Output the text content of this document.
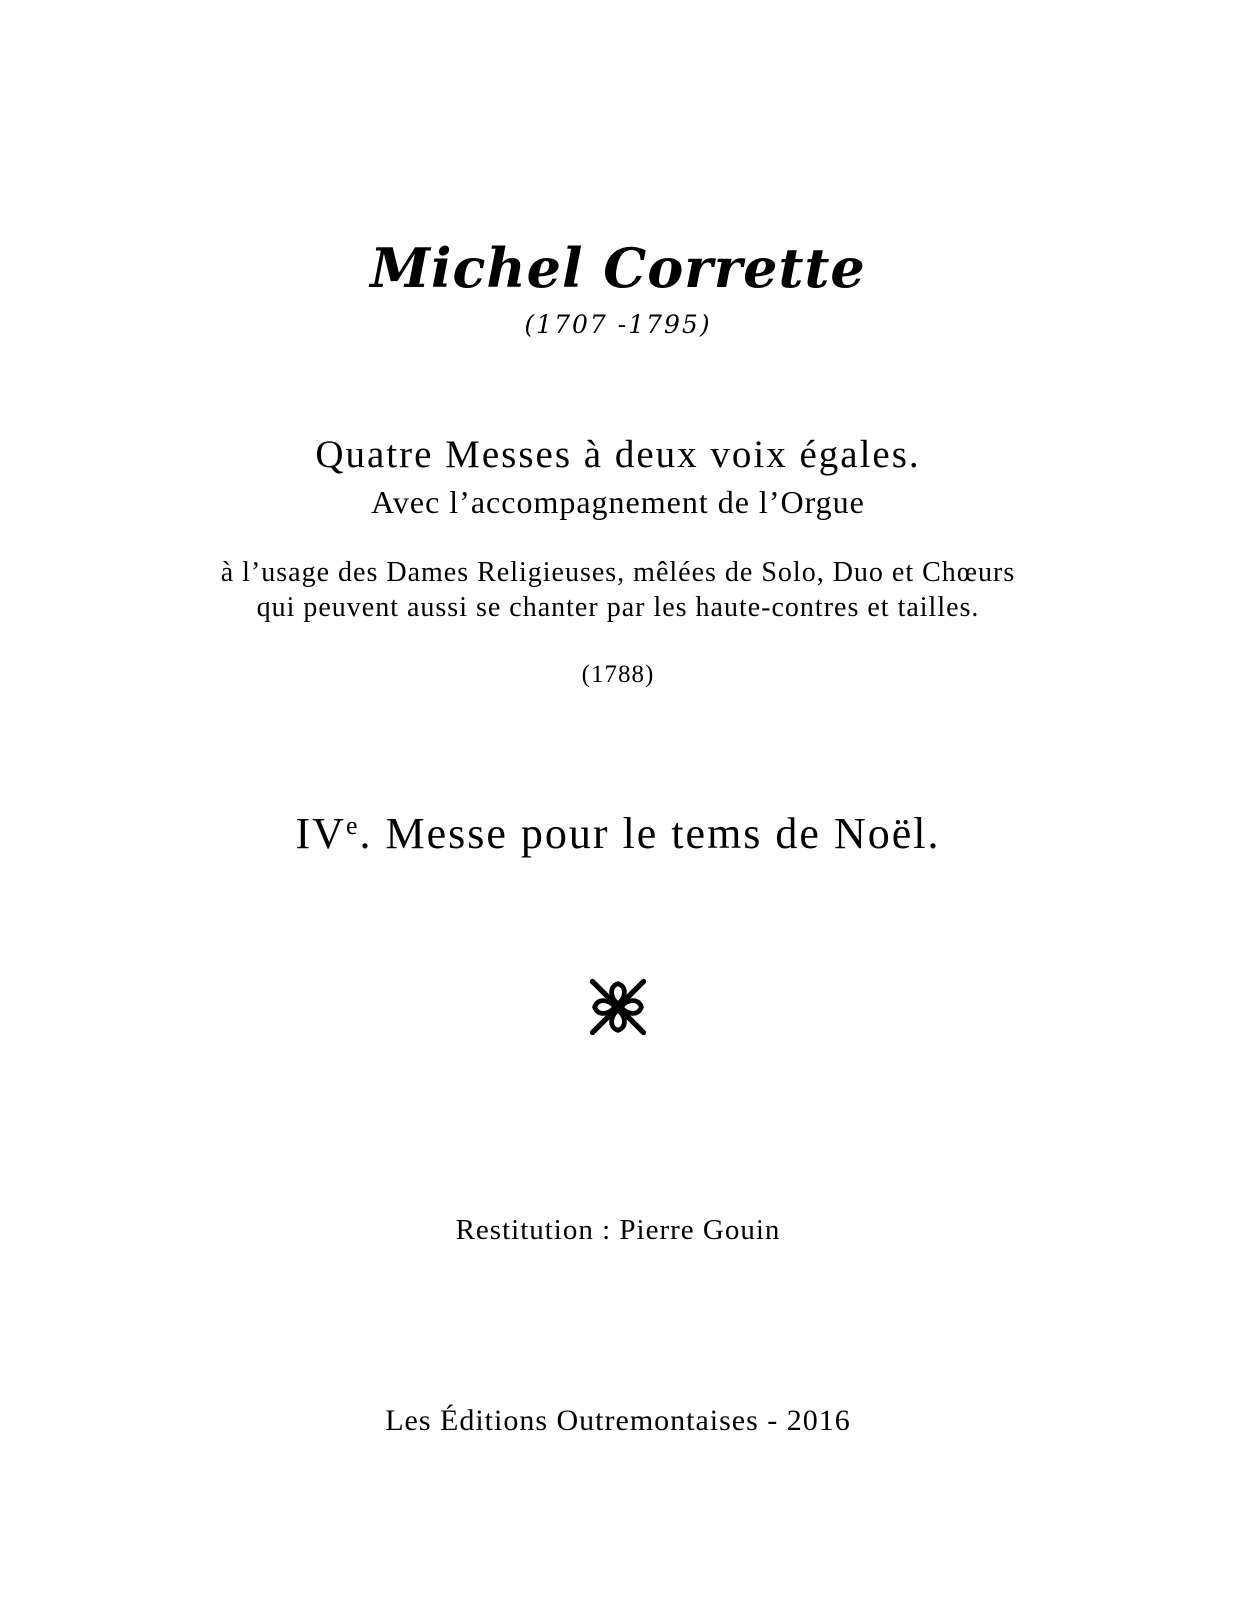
Michel Corrette
(1707 -1795)
Quatre Messes à deux voix égales.
Avec l’accompagnement de l’Orgue
à l’usage des Dames Religieuses, mêlées de Solo, Duo et Chœurs
qui peuvent aussi se chanter par les haute-contres et tailles.
(1788)
IVe. Messe pour le tems de Noël.
Restitution : Pierre Gouin
Les Éditions Outremontaises - 2016
